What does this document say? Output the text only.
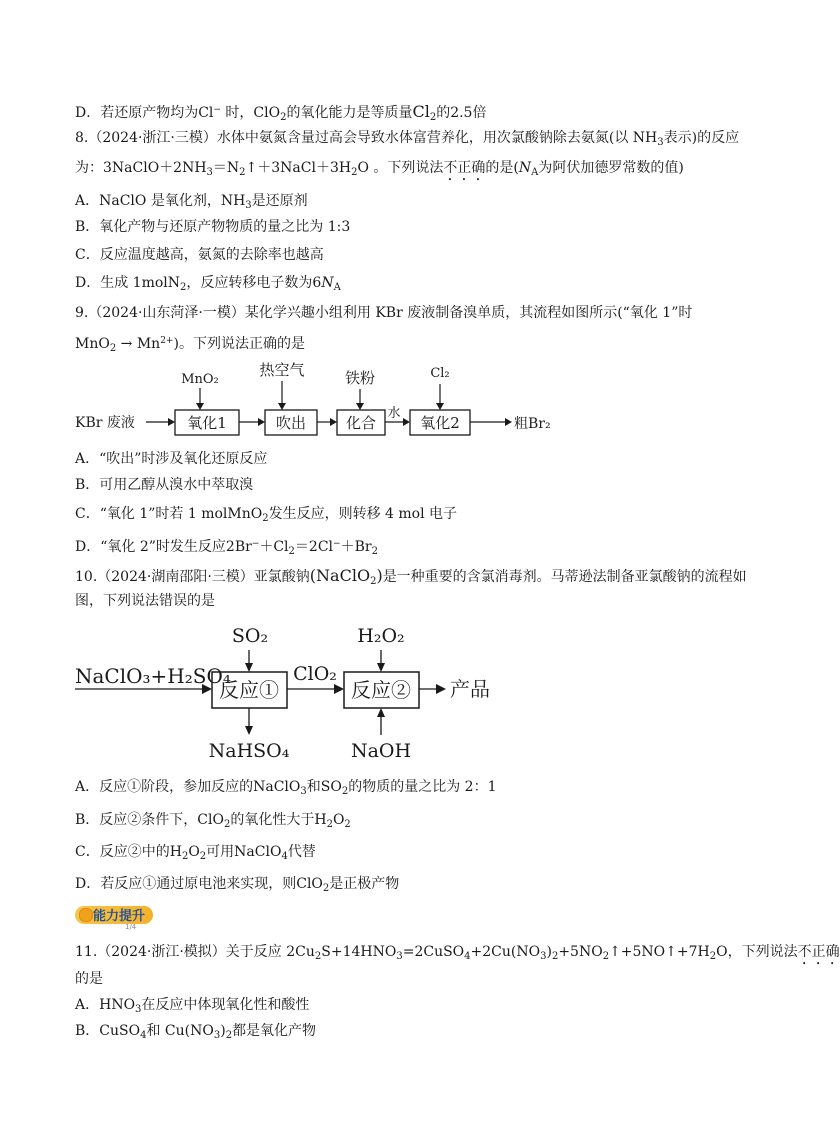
D．若还原产物均为Cl− 时，ClO$_2$的氧化能力是等质量$Cl_2$的2.5倍
8.（2024·浙江·三模）水体中氨氮含量过高会导致水体富营养化，用次氯酸钠除去氨氮(以 $NH_3$表示)的反应
为：$3NaClO+2NH_3=N_2↑+3NaCl+3H_2O$ 。下列说法不正确的是($N_A$为阿伏加德罗常数的值)
A．NaClO 是氧化剂，$NH_3$是还原剂
B．氧化产物与还原产物物质的量之比为 1:3
C．反应温度越高，氨氮的去除率也越高
D．生成 1molN$_2$，反应转移电子数为$6N_A$
9.（2024·山东菏泽·一模）某化学兴趣小组利用 KBr 废液制备溴单质，其流程如图所示(“氧化 1”时
$MnO_2 \to Mn^{2+}$)。下列说法正确的是
KBr 废液	氧化1	吹出	化合
水
氧化2	粗Br₂
MnO₂
热空气	铁粉	Cl₂
A．“吹出”时涉及氧化还原反应
B．可用乙醇从溴水中萃取溴
C．“氧化 1”时若 1 molMnO$_2$发生反应，则转移 4 mol 电子
D．“氧化 2”时发生反应$2Br^-+Cl_2=2Cl^-+Br_2$
10.（2024·湖南邵阳·三模）亚氯酸钠(NaClO$_2$)是一种重要的含氯消毒剂。马蒂逊法制备亚氯酸钠的流程如
图，下列说法错误的是
NaClO₃+H₂SO₄
反应①
SO₂
NaHSO₄
ClO₂
反应②
H₂O₂
NaOH
产品
A．反应①阶段，参加反应的NaClO$_3$和$SO_2$的物质的量之比为 2：1
B．反应②条件下，ClO$_2$的氧化性大于$H_2O_2$
C．反应②中的$H_2O_2$可用NaClO$_4$代替
D．若反应①通过原电池来实现，则ClO$_2$是正极产物
能力提升
1/4
11.（2024·浙江·模拟）关于反应 $2Cu_2S+14HNO_3=2CuSO_4+2Cu(NO_3)_2+5NO_2↑+5NO↑+7H_2O$，下列说法不正确
的是
A．$HNO_3$在反应中体现氧化性和酸性
B．CuSO$_4$和 $Cu(NO_3)_2$都是氧化产物
